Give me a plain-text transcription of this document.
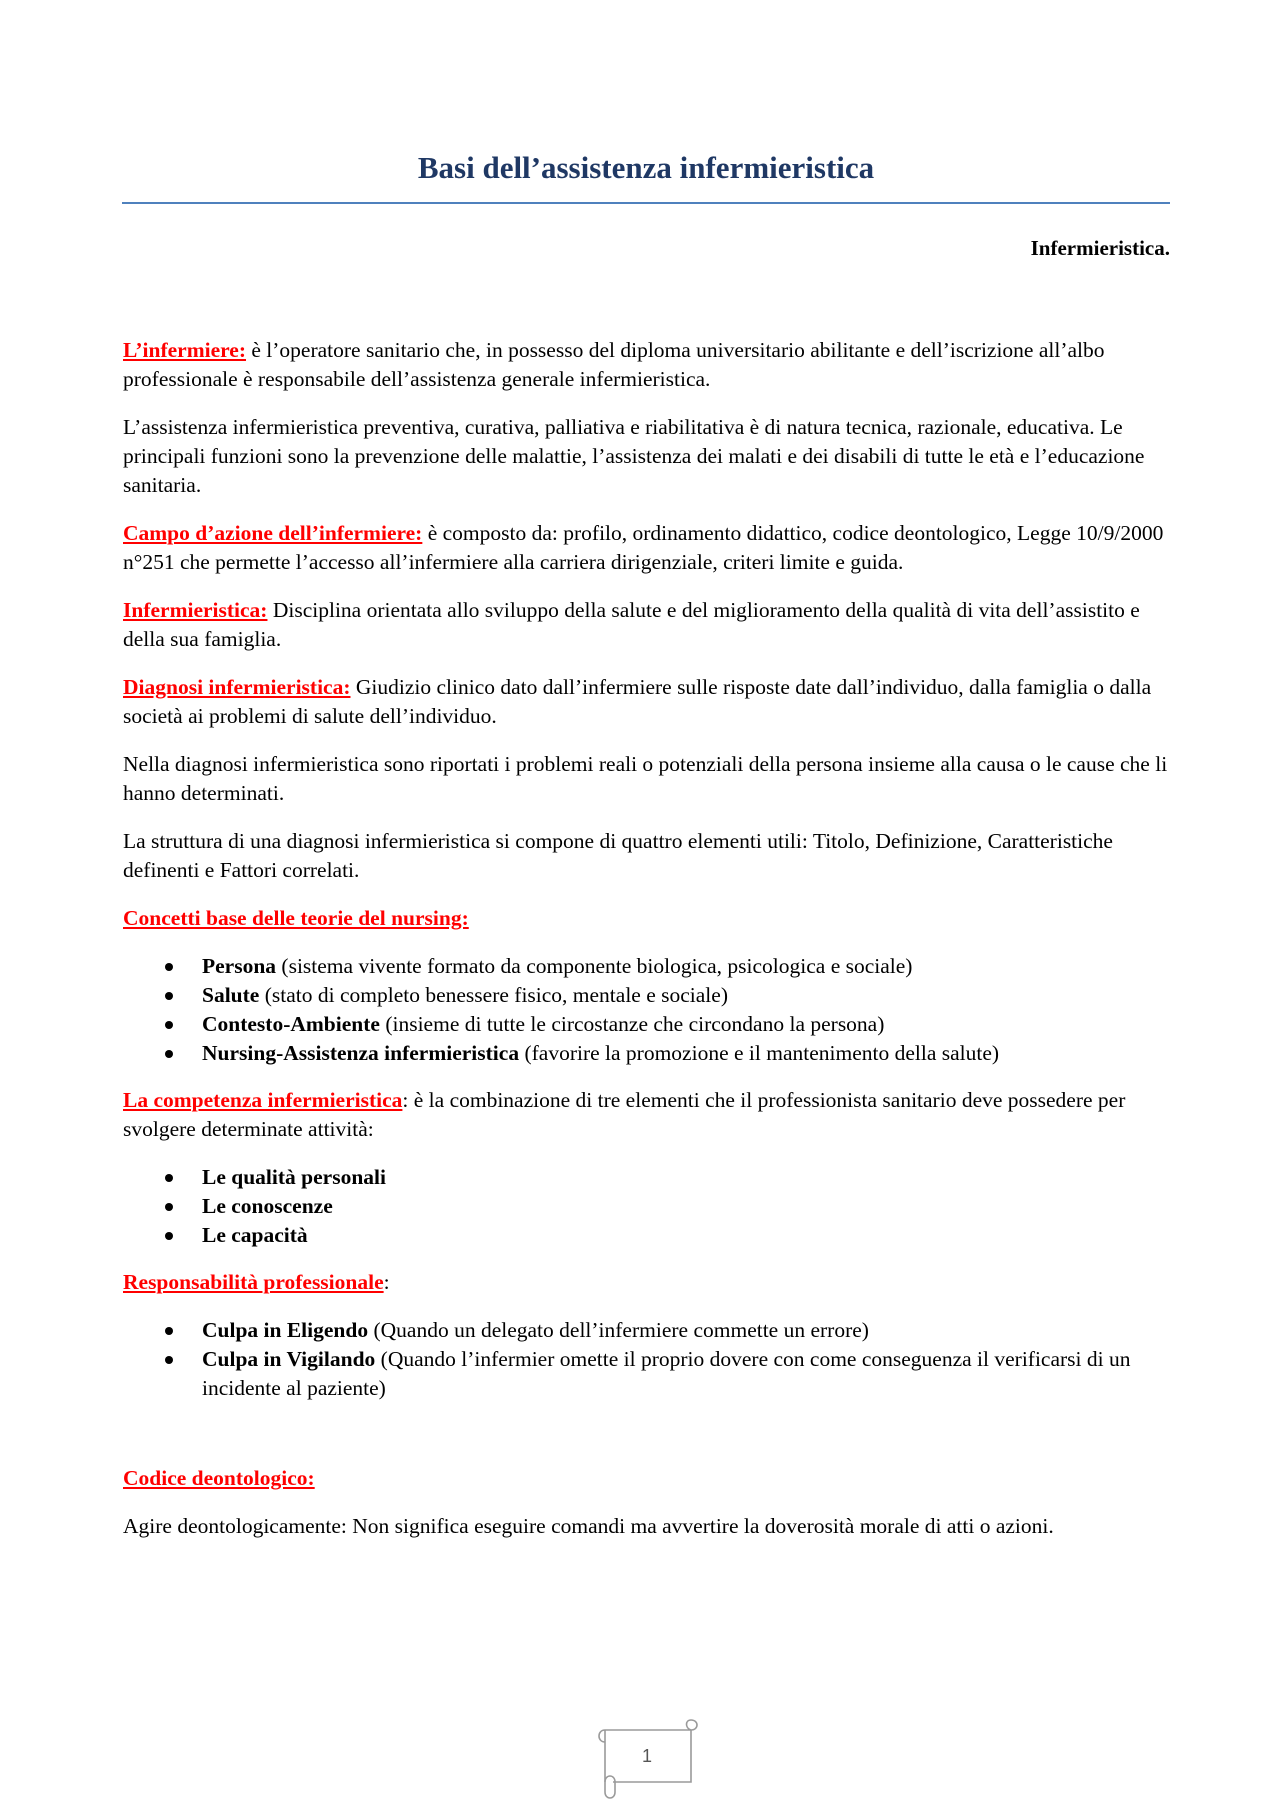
Basi dell’assistenza infermieristica
Infermieristica.

L’infermiere: è l’operatore sanitario che, in possesso del diploma universitario abilitante e dell’iscrizione all’albo professionale è responsabile dell’assistenza generale infermieristica.

L’assistenza infermieristica preventiva, curativa, palliativa e riabilitativa è di natura tecnica, razionale, educativa. Le principali funzioni sono la prevenzione delle malattie, l’assistenza dei malati e dei disabili di tutte le età e l’educazione sanitaria.

Campo d’azione dell’infermiere: è composto da: profilo, ordinamento didattico, codice deontologico, Legge 10/9/2000 n°251 che permette l’accesso all’infermiere alla carriera dirigenziale, criteri limite e guida.

Infermieristica: Disciplina orientata allo sviluppo della salute e del miglioramento della qualità di vita dell’assistito e della sua famiglia.

Diagnosi infermieristica: Giudizio clinico dato dall’infermiere sulle risposte date dall’individuo, dalla famiglia o dalla società ai problemi di salute dell’individuo.

Nella diagnosi infermieristica sono riportati i problemi reali o potenziali della persona insieme alla causa o le cause che li hanno determinati.

La struttura di una diagnosi infermieristica si compone di quattro elementi utili: Titolo, Definizione, Caratteristiche definenti e Fattori correlati.

Concetti base delle teorie del nursing:

Persona (sistema vivente formato da componente biologica, psicologica e sociale)
Salute (stato di completo benessere fisico, mentale e sociale)
Contesto-Ambiente (insieme di tutte le circostanze che circondano la persona)
Nursing-Assistenza infermieristica (favorire la promozione e il mantenimento della salute)

La competenza infermieristica: è la combinazione di tre elementi che il professionista sanitario deve possedere per svolgere determinate attività:

Le qualità personali
Le conoscenze
Le capacità

Responsabilità professionale:

Culpa in Eligendo (Quando un delegato dell’infermiere commette un errore)
Culpa in Vigilando (Quando l’infermier omette il proprio dovere con come conseguenza il verificarsi di un incidente al paziente)

Codice deontologico:

Agire deontologicamente: Non significa eseguire comandi ma avvertire la doverosità morale di atti o azioni.

1
